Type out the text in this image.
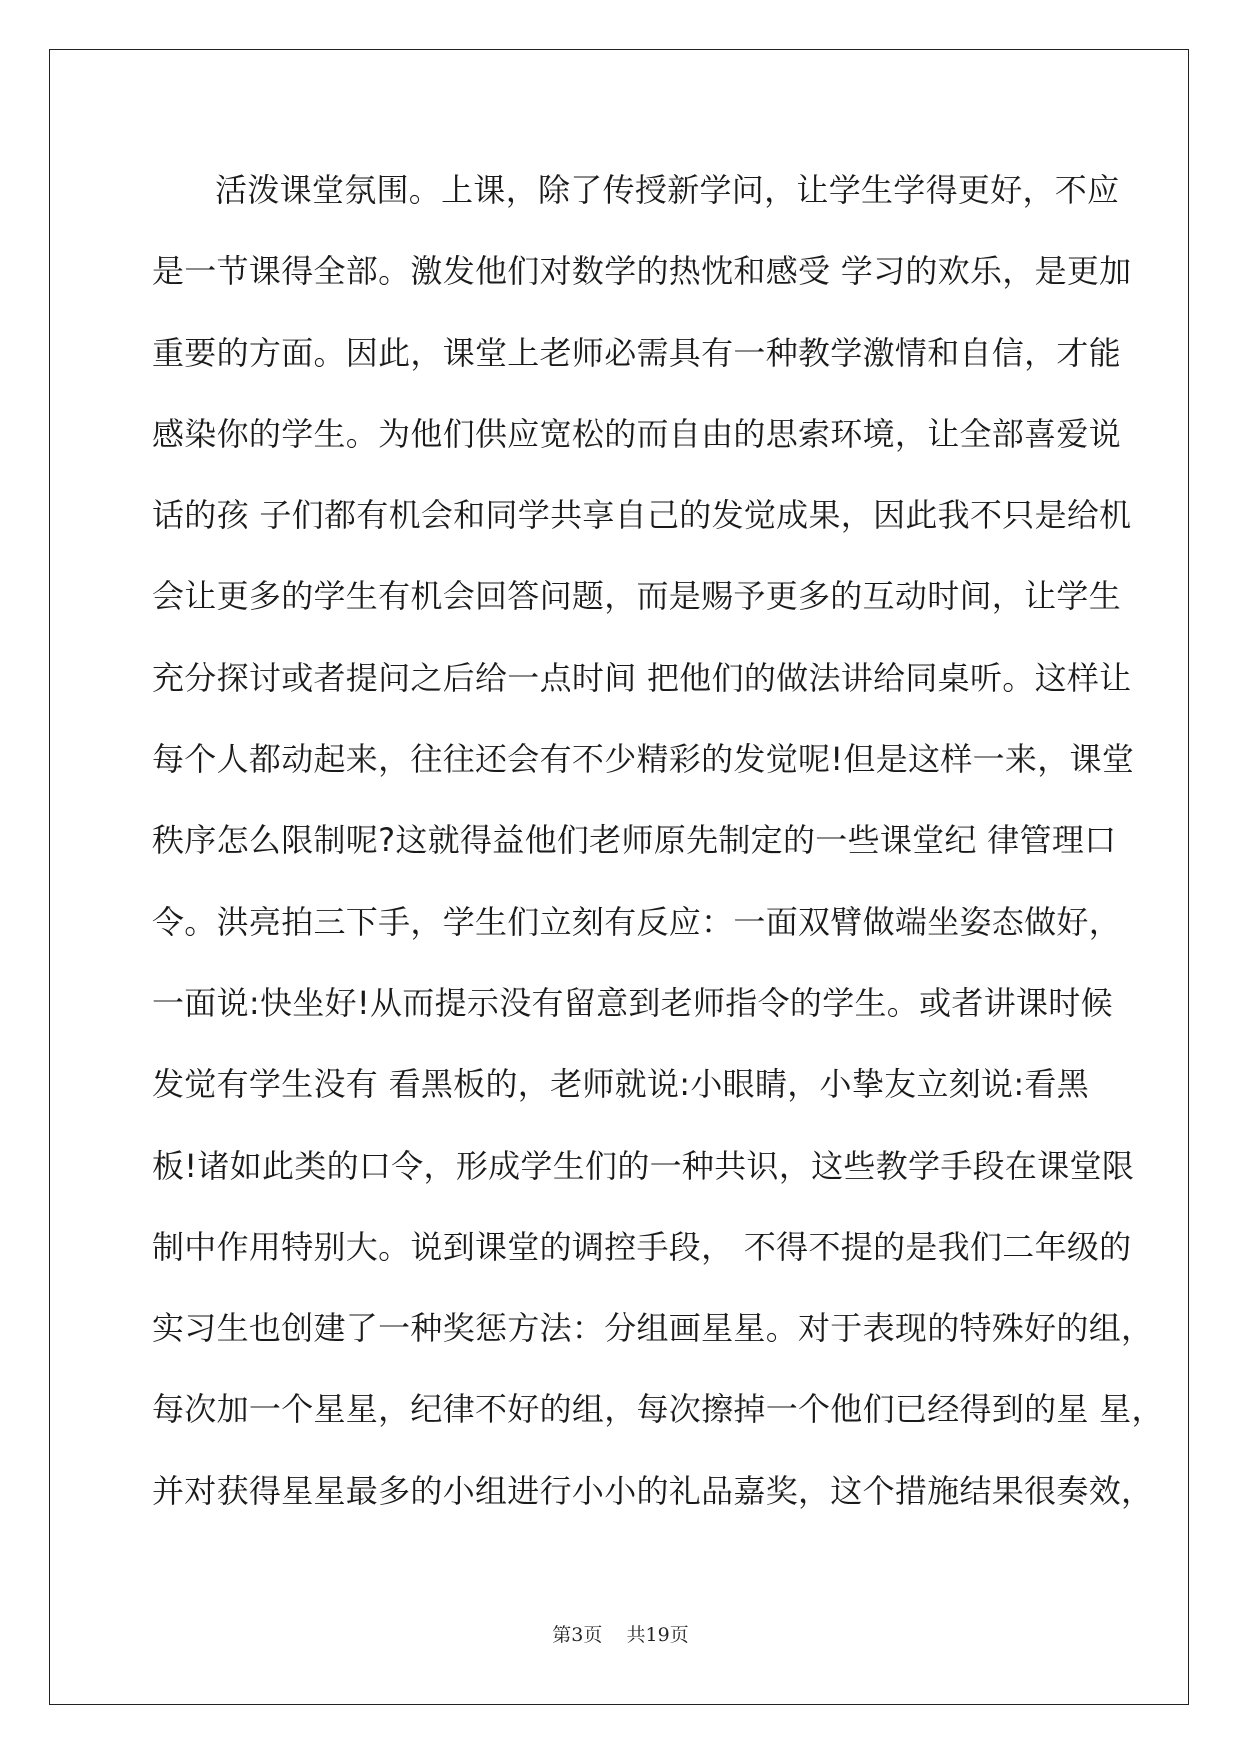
活泼课堂氛围。上课，除了传授新学问，让学生学得更好，不应
是一节课得全部。激发他们对数学的热忱和感受 学习的欢乐，是更加
重要的方面。因此，课堂上老师必需具有一种教学激情和自信，才能
感染你的学生。为他们供应宽松的而自由的思索环境，让全部喜爱说
话的孩 子们都有机会和同学共享自己的发觉成果，因此我不只是给机
会让更多的学生有机会回答问题，而是赐予更多的互动时间，让学生
充分探讨或者提问之后给一点时间 把他们的做法讲给同桌听。这样让
每个人都动起来，往往还会有不少精彩的发觉呢!但是这样一来，课堂
秩序怎么限制呢?这就得益他们老师原先制定的一些课堂纪 律管理口
令。洪亮拍三下手，学生们立刻有反应：一面双臂做端坐姿态做好，
一面说:快坐好!从而提示没有留意到老师指令的学生。或者讲课时候
发觉有学生没有 看黑板的，老师就说:小眼睛，小挚友立刻说:看黑
板!诸如此类的口令，形成学生们的一种共识，这些教学手段在课堂限
制中作用特别大。说到课堂的调控手段， 不得不提的是我们二年级的
实习生也创建了一种奖惩方法：分组画星星。对于表现的特殊好的组，
每次加一个星星，纪律不好的组，每次擦掉一个他们已经得到的星 星，
并对获得星星最多的小组进行小小的礼品嘉奖，这个措施结果很奏效，
第3页 共19页
